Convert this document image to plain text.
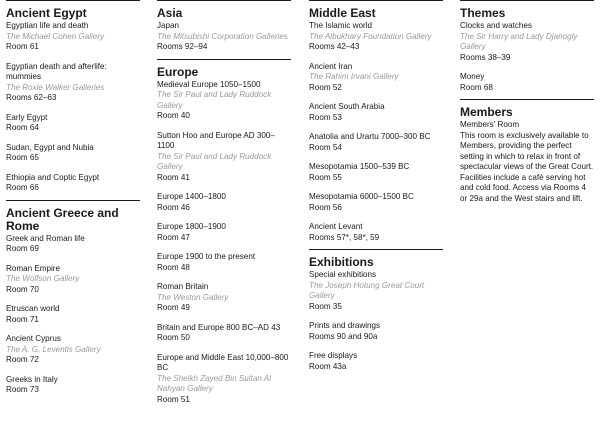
Ancient Egypt
Egyptian life and death
The Michael Cohen Gallery
Room 61
Egyptian death and afterlife: mummies
The Roxie Walker Galleries
Rooms 62–63
Early Egypt
Room 64
Sudan, Egypt and Nubia
Room 65
Ethiopia and Coptic Egypt
Room 66
Ancient Greece and Rome
Greek and Roman life
Room 69
Roman Empire
The Wolfson Gallery
Room 70
Etruscan world
Room 71
Ancient Cyprus
The A. G. Leventis Gallery
Room 72
Greeks in Italy
Room 73
Asia
Japan
The Mitsubishi Corporation Galleries
Rooms 92–94
Europe
Medieval Europe 1050–1500
The Sir Paul and Lady Ruddock Gallery
Room 40
Sutton Hoo and Europe AD 300–1100
The Sir Paul and Lady Ruddock Gallery
Room 41
Europe 1400–1800
Room 46
Europe 1800–1900
Room 47
Europe 1900 to the present
Room 48
Roman Britain
The Weston Gallery
Room 49
Britain and Europe 800 BC–AD 43
Room 50
Europe and Middle East 10,000–800 BC
The Sheikh Zayed Bin Sultan Al Nahyan Gallery
Room 51
Middle East
The Islamic world
The Albukhary Foundation Gallery
Rooms 42–43
Ancient Iran
The Rahim Irvani Gallery
Room 52
Ancient South Arabia
Room 53
Anatolia and Urartu 7000–300 BC
Room 54
Mesopotamia 1500–539 BC
Room 55
Mesopotamia 6000–1500 BC
Room 56
Ancient Levant
Rooms 57*, 58*, 59
Exhibitions
Special exhibitions
The Joseph Hotung Great Court Gallery
Room 35
Prints and drawings
Rooms 90 and 90a
Free displays
Room 43a
Themes
Clocks and watches
The Sir Harry and Lady Djanogly Gallery
Rooms 38–39
Money
Room 68
Members
Members' Room
This room is exclusively available to Members, providing the perfect setting in which to relax in front of spectacular views of the Great Court. Facilities include a café serving hot and cold food. Access via Rooms 4 or 29a and the West stairs and lift.
